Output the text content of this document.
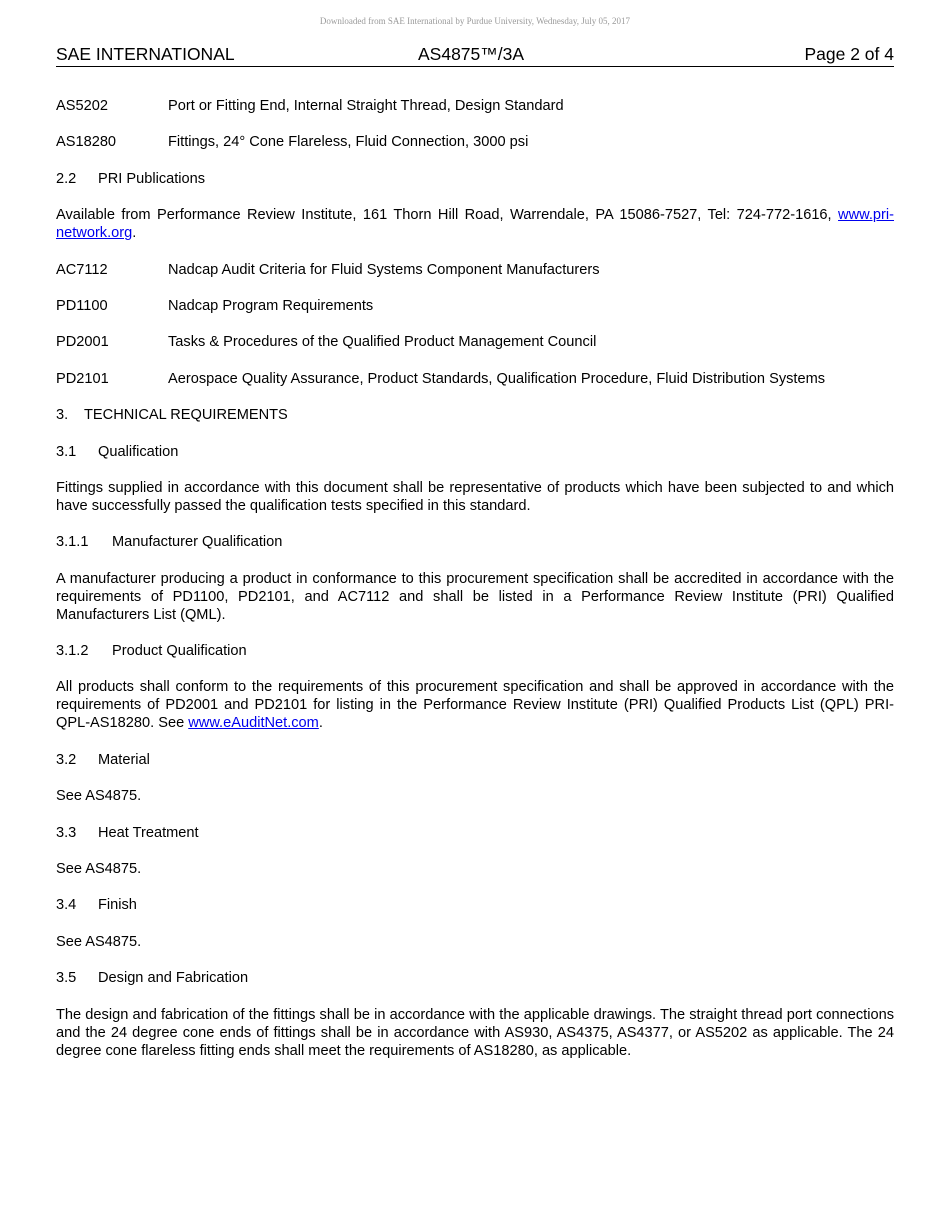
Downloaded from SAE International by Purdue University, Wednesday, July 05, 2017
SAE INTERNATIONAL	AS4875™/3A	Page 2 of 4
AS5202	Port or Fitting End, Internal Straight Thread, Design Standard
AS18280	Fittings, 24° Cone Flareless, Fluid Connection, 3000 psi
2.2 PRI Publications
Available from Performance Review Institute, 161 Thorn Hill Road, Warrendale, PA 15086-7527, Tel: 724-772-1616, www.pri-network.org.
AC7112	Nadcap Audit Criteria for Fluid Systems Component Manufacturers
PD1100	Nadcap Program Requirements
PD2001	Tasks & Procedures of the Qualified Product Management Council
PD2101	Aerospace Quality Assurance, Product Standards, Qualification Procedure, Fluid Distribution Systems
3. TECHNICAL REQUIREMENTS
3.1 Qualification
Fittings supplied in accordance with this document shall be representative of products which have been subjected to and which have successfully passed the qualification tests specified in this standard.
3.1.1 Manufacturer Qualification
A manufacturer producing a product in conformance to this procurement specification shall be accredited in accordance with the requirements of PD1100, PD2101, and AC7112 and shall be listed in a Performance Review Institute (PRI) Qualified Manufacturers List (QML).
3.1.2 Product Qualification
All products shall conform to the requirements of this procurement specification and shall be approved in accordance with the requirements of PD2001 and PD2101 for listing in the Performance Review Institute (PRI) Qualified Products List (QPL) PRI-QPL-AS18280. See www.eAuditNet.com.
3.2 Material
See AS4875.
3.3 Heat Treatment
See AS4875.
3.4 Finish
See AS4875.
3.5 Design and Fabrication
The design and fabrication of the fittings shall be in accordance with the applicable drawings. The straight thread port connections and the 24 degree cone ends of fittings shall be in accordance with AS930, AS4375, AS4377, or AS5202 as applicable. The 24 degree cone flareless fitting ends shall meet the requirements of AS18280, as applicable.
